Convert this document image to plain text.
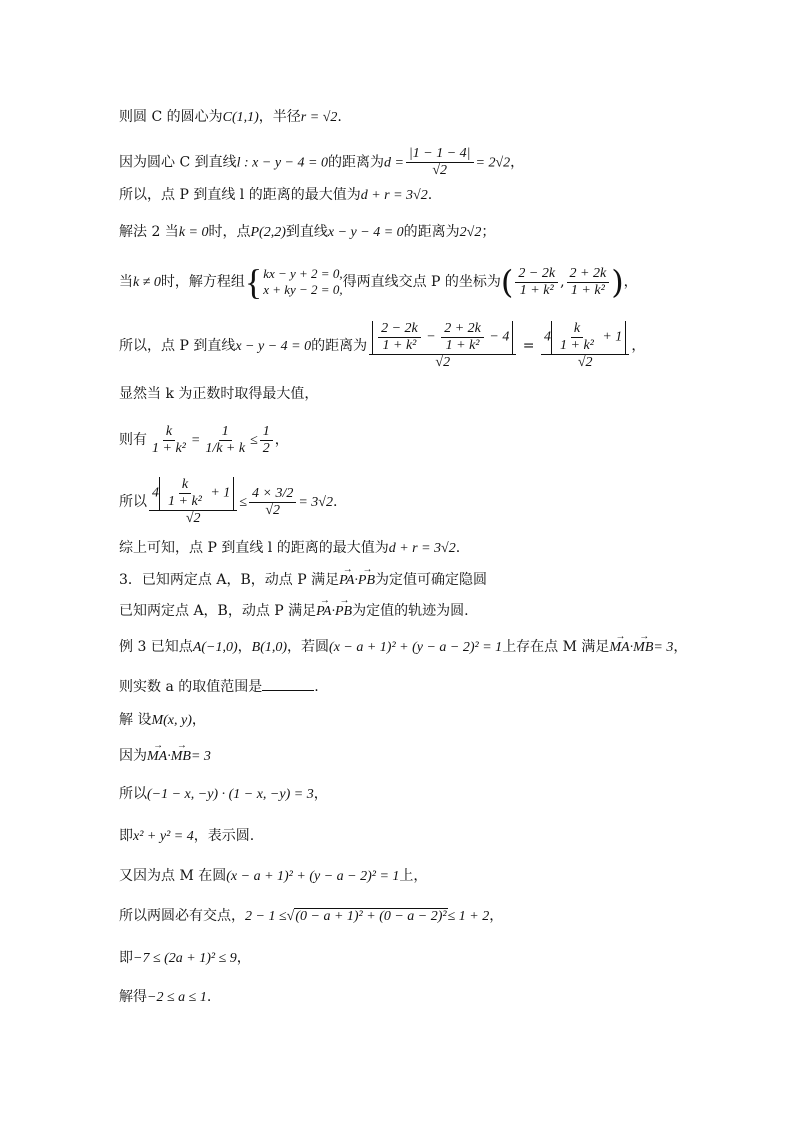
则圆 C 的圆心为C(1,1)，半径r = √2.
因为圆心 C 到直线l : x − y − 4 = 0的距离为$d = \frac{|1 - 1 - 4|}{√2} = 2√2$，
所以，点 P 到直线 l 的距离的最大值为d + r = 3√2.
解法 2 当k = 0时，点P(2,2)到直线x − y − 4 = 0的距离为2√2；
当k ≠ 0时，解方程组 { kx − y + 2 = 0,
x + ky − 2 = 0, 得两直线交点 P 的坐标为( $\frac{2 - 2k}{\text{1 + k²}}$ , $\frac{2 + 2k}{\text{1 + k²}}$ )，
所以，点 P 到直线x − y − 4 = 0的距离为 $\frac{\frac{2 - 2k}{\text{1 + k²}} - \frac{2 + 2k}{\text{1 + k²}} - 4}{√2} = \frac{4 \frac{k}{\text{1 + k²}} + 1}{√2}$ ，
显然当 k 为正数时取得最大值，
则有 $\frac{k}{\text{1 + k²}} = \frac{1}{1/k + k} \le \frac{1}{2}$ ，
所以 $\frac{4 \frac{k}{\text{1 + k²}} + 1}{√2} \le \frac{4 \times 3/2}{√2} = 3√2$.
综上可知，点 P 到直线 l 的距离的最大值为d + r = 3√2.
3．已知两定点 A，B，动点 P 满足→ PA·→ PB为定值可确定隐圆
已知两定点 A，B，动点 P 满足→ PA·→ PB为定值的轨迹为圆.
例 3 已知点A(−1,0)，B(1,0)，若圆(x − a + 1)² + (y − a − 2)² = 1上存在点 M 满足→ MA·→ MB= 3，
则实数 a 的取值范围是	.
解 设M(x, y)，
因为→ MA·→ MB= 3
所以(−1 − x, −y) · (1 − x, −y) = 3，
即x² + y² = 4，表示圆.
又因为点 M 在圆(x − a + 1)² + (y − a − 2)² = 1上，
所以两圆必有交点，2 − 1 ≤√(0 − a + 1)² + (0 − a − 2)²≤ 1 + 2，
即−7 ≤ (2a + 1)² ≤ 9，
解得−2 ≤ a ≤ 1.
